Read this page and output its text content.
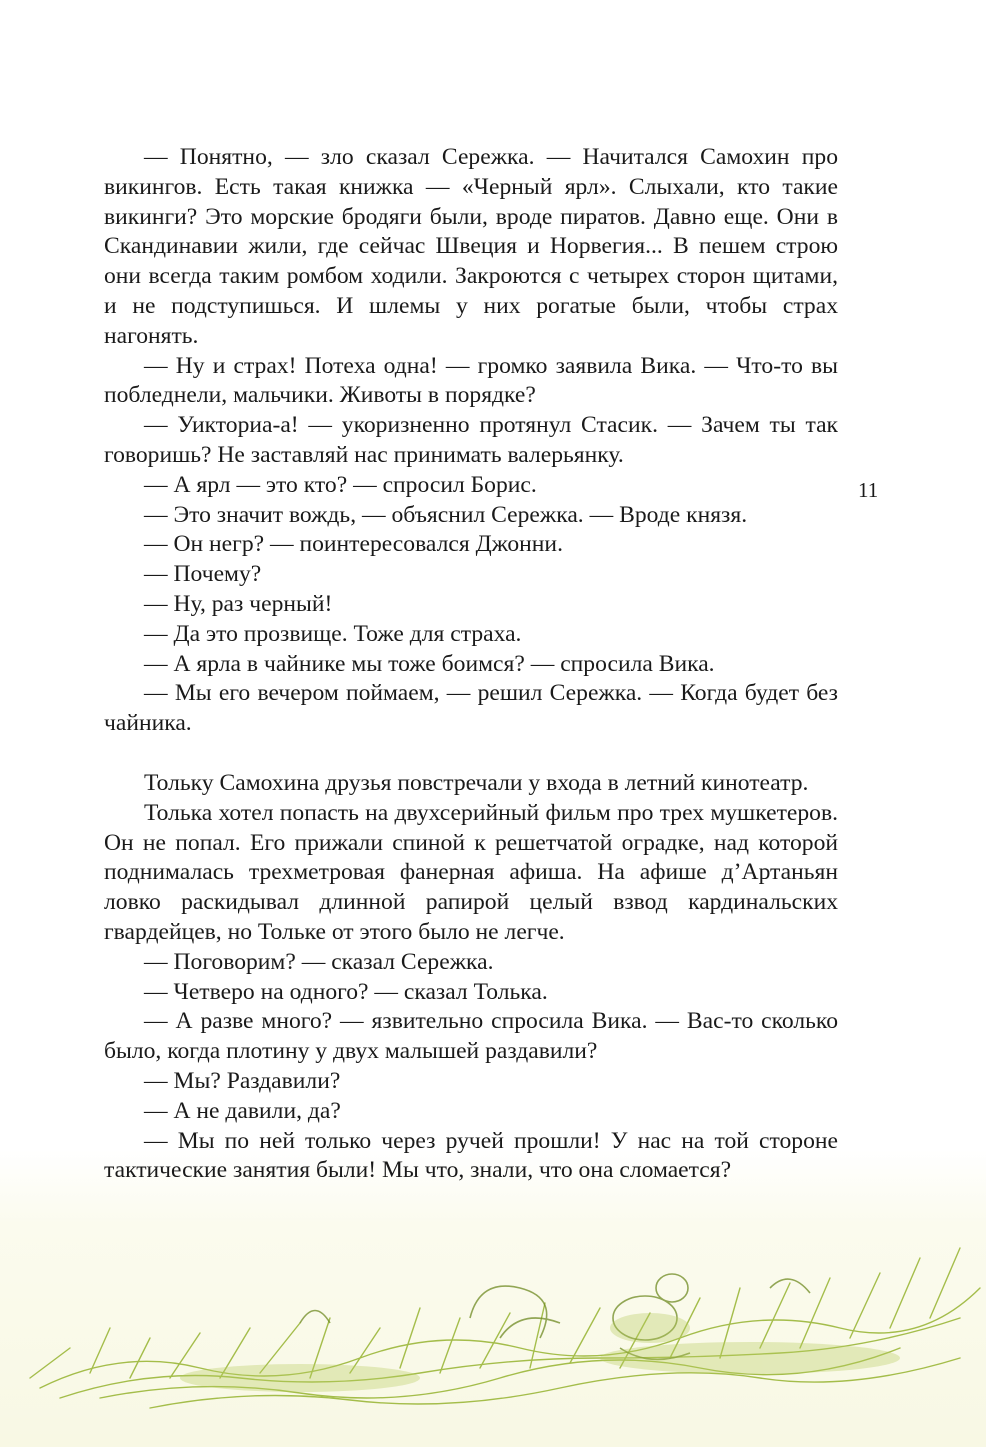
— Понятно, — зло сказал Сережка. — Начитался Самохин про викингов. Есть такая книжка — «Черный ярл». Слыхали, кто такие викинги? Это морские бродяги были, вроде пиратов. Давно еще. Они в Скандинавии жили, где сейчас Швеция и Норвегия... В пешем строю они всегда таким ромбом ходили. Закроются с четырех сторон щитами, и не подступишься. И шлемы у них рогатые были, чтобы страх нагонять.

— Ну и страх! Потеха одна! — громко заявила Вика. — Что-то вы побледнели, мальчики. Животы в порядке?

— Уикториа-а! — укоризненно протянул Стасик. — Зачем ты так говоришь? Не заставляй нас принимать валерьянку.

— А ярл — это кто? — спросил Борис.

— Это значит вождь, — объяснил Сережка. — Вроде князя.

— Он негр? — поинтересовался Джонни.

— Почему?

— Ну, раз черный!

— Да это прозвище. Тоже для страха.

— А ярла в чайнике мы тоже боимся? — спросила Вика.

— Мы его вечером поймаем, — решил Сережка. — Когда будет без чайника.

Тольку Самохина друзья повстречали у входа в летний кинотеатр.

Толька хотел попасть на двухсерийный фильм про трех мушкетеров. Он не попал. Его прижали спиной к решетчатой оградке, над которой поднималась трехметровая фанерная афиша. На афише д’Артаньян ловко раскидывал длинной рапирой целый взвод кардинальских гвардейцев, но Тольке от этого было не легче.

— Поговорим? — сказал Сережка.

— Четверо на одного? — сказал Толька.

— А разве много? — язвительно спросила Вика. — Вас-то сколько было, когда плотину у двух малышей раздавили?

— Мы? Раздавили?

— А не давили, да?

— Мы по ней только через ручей прошли! У нас на той стороне тактические занятия были! Мы что, знали, что она сломается?

11
